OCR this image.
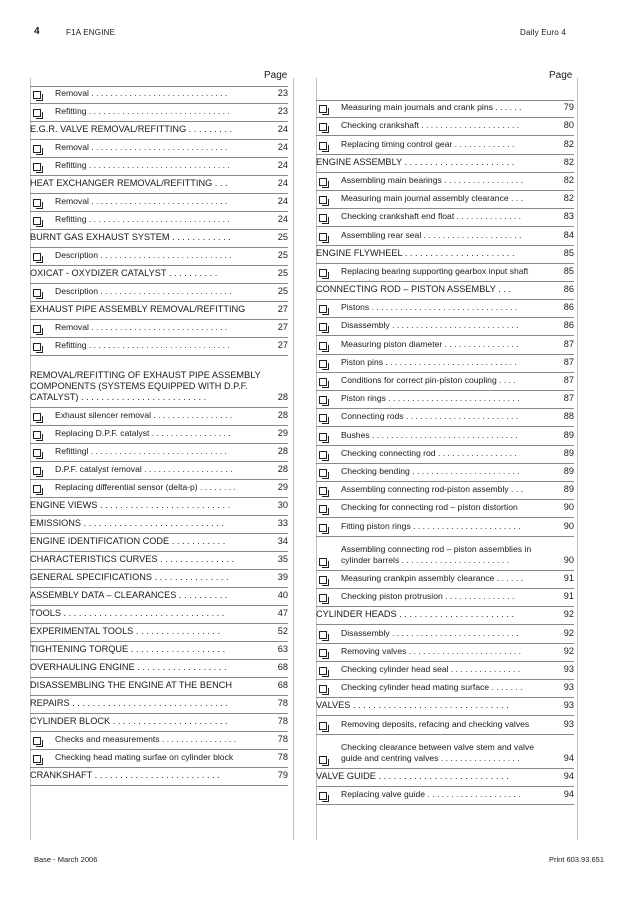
4	F1A ENGINE	Daily Euro 4
Page	Page
Removal . . . . . . . . . . . . . . . . . . . . . . . . . . . . .	23
Refitting . . . . . . . . . . . . . . . . . . . . . . . . . . . . . .	23
E.G.R. VALVE REMOVAL/REFITTING . . . . . . . . .	24
Removal . . . . . . . . . . . . . . . . . . . . . . . . . . . . .	24
Refitting . . . . . . . . . . . . . . . . . . . . . . . . . . . . . .	24
HEAT EXCHANGER REMOVAL/REFITTING . . .	24
Removal . . . . . . . . . . . . . . . . . . . . . . . . . . . . .	24
Refitting . . . . . . . . . . . . . . . . . . . . . . . . . . . . . .	24
BURNT GAS EXHAUST SYSTEM . . . . . . . . . . . .	25
Description . . . . . . . . . . . . . . . . . . . . . . . . . . . .	25
OXICAT - OXYDIZER CATALYST . . . . . . . . . .	25
Description . . . . . . . . . . . . . . . . . . . . . . . . . . . .	25
EXHAUST PIPE ASSEMBLY REMOVAL/REFITTING	27
Removal . . . . . . . . . . . . . . . . . . . . . . . . . . . . .	27
Refitting . . . . . . . . . . . . . . . . . . . . . . . . . . . . . .	27
REMOVAL/REFITTING OF EXHAUST PIPE ASSEMBLY COMPONENTS (SYSTEMS EQUIPPED WITH D.P.F. CATALYST) . . . . . . . . . . . . . . . . . . . . . . . . .	28
Exhaust silencer removal . . . . . . . . . . . . . . . . .	28
Replacing D.P.F. catalyst . . . . . . . . . . . . . . . . .	29
Refittingl . . . . . . . . . . . . . . . . . . . . . . . . . . . . .	28
D.P.F. catalyst removal . . . . . . . . . . . . . . . . . . .	28
Replacing differential sensor (delta-p) . . . . . . . .	29
ENGINE VIEWS . . . . . . . . . . . . . . . . . . . . . . . . . .	30
EMISSIONS . . . . . . . . . . . . . . . . . . . . . . . . . . . .	33
ENGINE IDENTIFICATION CODE . . . . . . . . . . .	34
CHARACTERISTICS CURVES . . . . . . . . . . . . . . .	35
GENERAL SPECIFICATIONS . . . . . . . . . . . . . . .	39
ASSEMBLY DATA – CLEARANCES . . . . . . . . . .	40
TOOLS . . . . . . . . . . . . . . . . . . . . . . . . . . . . . . . .	47
EXPERIMENTAL TOOLS . . . . . . . . . . . . . . . . .	52
TIGHTENING TORQUE . . . . . . . . . . . . . . . . . . .	63
OVERHAULING ENGINE . . . . . . . . . . . . . . . . . .	68
DISASSEMBLING THE ENGINE AT THE BENCH	68
REPAIRS . . . . . . . . . . . . . . . . . . . . . . . . . . . . . . .	78
CYLINDER BLOCK . . . . . . . . . . . . . . . . . . . . . . .	78
Checks and measurements . . . . . . . . . . . . . . . .	78
Checking head mating surfae on cylinder block	78
CRANKSHAFT . . . . . . . . . . . . . . . . . . . . . . . . .	79
Measuring main journals and crank pins . . . . . .	79
Checking crankshaft . . . . . . . . . . . . . . . . . . . . .	80
Replacing timing control gear . . . . . . . . . . . . .	82
ENGINE ASSEMBLY . . . . . . . . . . . . . . . . . . . . . .	82
Assembling main bearings . . . . . . . . . . . . . . . . .	82
Measuring main journal assembly clearance . . .	82
Checking crankshaft end float . . . . . . . . . . . . . .	83
Assembling rear seal . . . . . . . . . . . . . . . . . . . . .	84
ENGINE FLYWHEEL . . . . . . . . . . . . . . . . . . . . . .	85
Replacing bearing supporting gearbox input shaft	85
CONNECTING ROD – PISTON ASSEMBLY . . .	86
Pistons . . . . . . . . . . . . . . . . . . . . . . . . . . . . . . .	86
Disassembly . . . . . . . . . . . . . . . . . . . . . . . . . . .	86
Measuring piston diameter . . . . . . . . . . . . . . . .	87
Piston pins . . . . . . . . . . . . . . . . . . . . . . . . . . . .	87
Conditions for correct pin-piston coupling . . . .	87
Piston rings . . . . . . . . . . . . . . . . . . . . . . . . . . . .	87
Connecting rods . . . . . . . . . . . . . . . . . . . . . . . .	88
Bushes . . . . . . . . . . . . . . . . . . . . . . . . . . . . . . .	89
Checking connecting rod . . . . . . . . . . . . . . . . .	89
Checking bending . . . . . . . . . . . . . . . . . . . . . . .	89
Assembling connecting rod-piston assembly . . .	89
Checking for connecting rod – piston distortion	90
Fitting piston rings . . . . . . . . . . . . . . . . . . . . . . .	90
Assembling connecting rod – piston assemblies in cylinder barrels . . . . . . . . . . . . . . . . . . . . . . .	90
Measuring crankpin assembly clearance . . . . . .	91
Checking piston protrusion . . . . . . . . . . . . . . .	91
CYLINDER HEADS . . . . . . . . . . . . . . . . . . . . . . .	92
Disassembly . . . . . . . . . . . . . . . . . . . . . . . . . . .	92
Removing valves . . . . . . . . . . . . . . . . . . . . . . . .	92
Checking cylinder head seal . . . . . . . . . . . . . . .	93
Checking cylinder head mating surface . . . . . . .	93
VALVES . . . . . . . . . . . . . . . . . . . . . . . . . . . . . . .	93
Removing deposits, refacing and checking valves	93
Checking clearance between valve stem and valve guide and centring valves . . . . . . . . . . . . . . . . .	94
VALVE GUIDE . . . . . . . . . . . . . . . . . . . . . . . . . .	94
Replacing valve guide . . . . . . . . . . . . . . . . . . . .	94
Base - March 2006	Print 603.93.651
